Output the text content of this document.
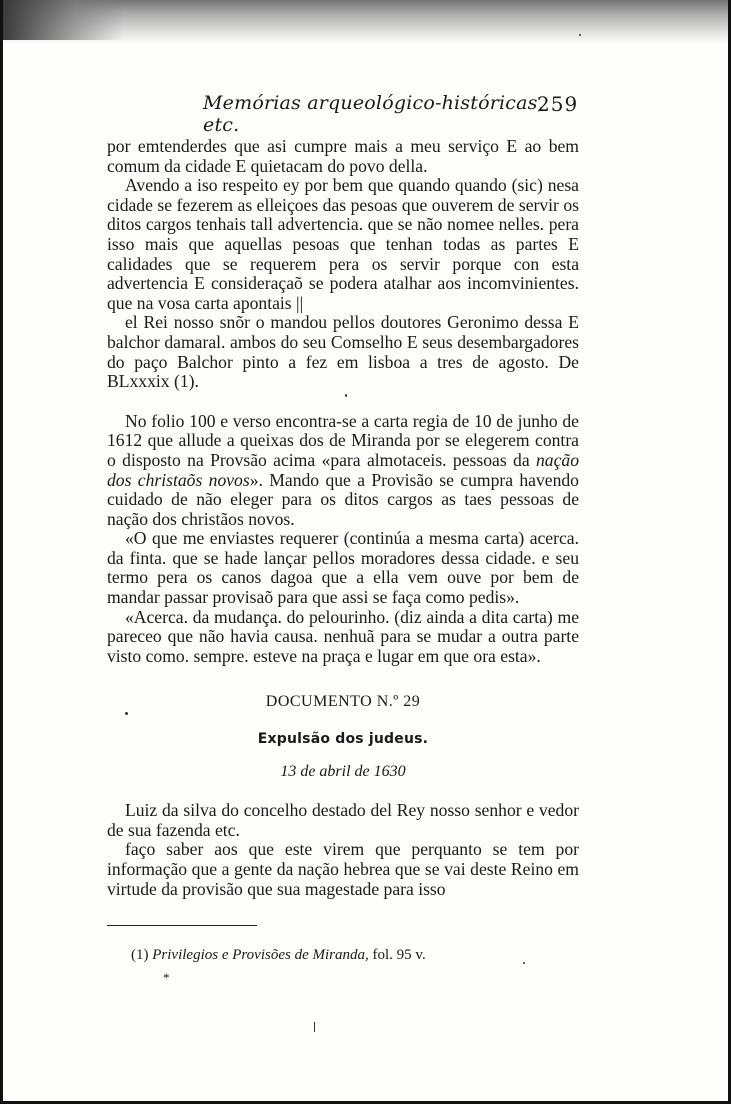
Memórias arqueológico-históricas, etc.
259

por emtenderdes que asi cumpre mais a meu serviço E ao bem comum da cidade E quietacam do povo della.

Avendo a iso respeito ey por bem que quando quando (sic) nesa cidade se fezerem as elleiçoes das pesoas que ouverem de servir os ditos cargos tenhais tall advertencia. que se não nomee nelles. pera isso mais que aquellas pesoas que tenhan todas as partes E calidades que se requerem pera os servir porque con esta advertencia E consideraçaõ se podera atalhar aos incomvinientes. que na vosa carta apontais ||

el Rei nosso snõr o mandou pellos doutores Geronimo dessa E balchor damaral. ambos do seu Comselho E seus desembargadores do paço Balchor pinto a fez em lisboa a tres de agosto. De BLxxxix (1).

No folio 100 e verso encontra-se a carta regia de 10 de junho de 1612 que allude a queixas dos de Miranda por se elegerem contra o disposto na Provsão acima «para almotaceis. pessoas da nação dos christaõs novos». Mando que a Provisão se cumpra havendo cuidado de não eleger para os ditos cargos as taes pessoas de nação dos christãos novos.

«O que me enviastes requerer (continúa a mesma carta) acerca. da finta. que se hade lançar pellos moradores dessa cidade. e seu termo pera os canos dagoa que a ella vem ouve por bem de mandar passar provisaõ para que assi se faça como pedis».

«Acerca. da mudança. do pelourinho. (diz ainda a dita carta) me pareceo que não havia causa. nenhuã para se mudar a outra parte visto como. sempre. esteve na praça e lugar em que ora esta».

DOCUMENTO N.º 29
Expulsão dos judeus.
13 de abril de 1630

Luiz da silva do concelho destado del Rey nosso senhor e vedor de sua fazenda etc.

faço saber aos que este virem que perquanto se tem por informação que a gente da nação hebrea que se vai deste Reino em virtude da provisão que sua magestade para isso

(1) Privilegios e Provisões de Miranda, fol. 95 v.
*
